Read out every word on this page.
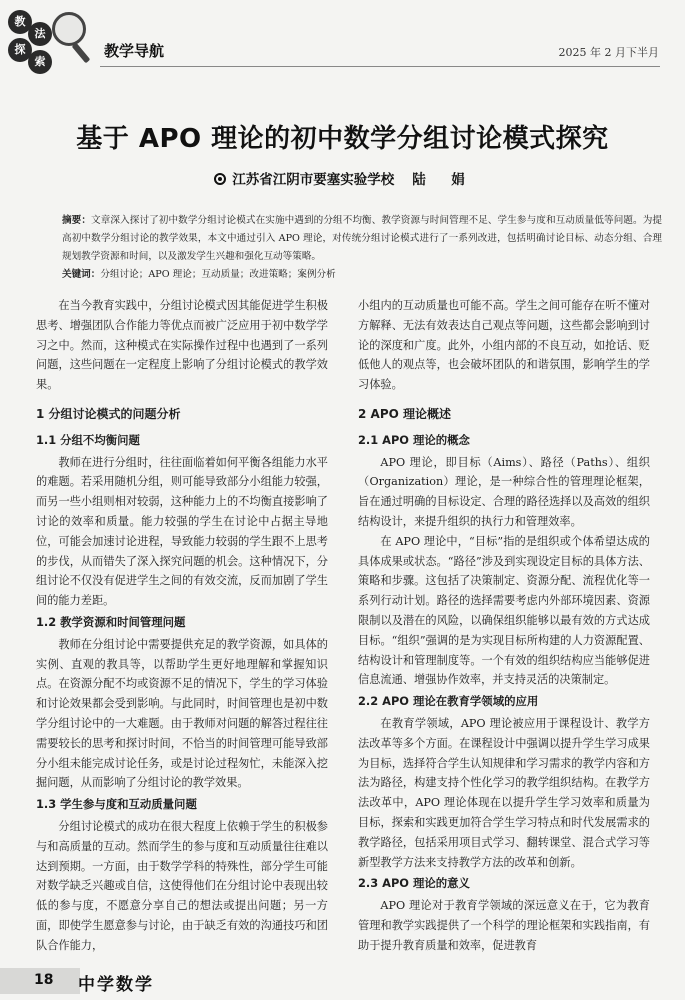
教
法
探
索
教学导航	2025 年 2 月下半月
基于 APO 理论的初中数学分组讨论模式探究
江苏省江阴市要塞实验学校 陆　娟
摘要：文章深入探讨了初中数学分组讨论模式在实施中遇到的分组不均衡、教学资源与时间管理不足、学生参与度和互动质量低等问题。为提高初中数学分组讨论的教学效果，本文中通过引入 APO 理论，对传统分组讨论模式进行了一系列改进，包括明确讨论目标、动态分组、合理规划教学资源和时间，以及激发学生兴趣和强化互动等策略。
关键词：分组讨论；APO 理论；互动质量；改进策略；案例分析

在当今教育实践中，分组讨论模式因其能促进学生积极思考、增强团队合作能力等优点而被广泛应用于初中数学学习之中。然而，这种模式在实际操作过程中也遇到了一系列问题，这些问题在一定程度上影响了分组讨论模式的教学效果。

1 分组讨论模式的问题分析

1.1 分组不均衡问题

教师在进行分组时，往往面临着如何平衡各组能力水平的难题。若采用随机分组，则可能导致部分小组能力较强，而另一些小组则相对较弱，这种能力上的不均衡直接影响了讨论的效率和质量。能力较强的学生在讨论中占据主导地位，可能会加速讨论进程，导致能力较弱的学生跟不上思考的步伐，从而错失了深入探究问题的机会。这种情况下，分组讨论不仅没有促进学生之间的有效交流，反而加剧了学生间的能力差距。

1.2 教学资源和时间管理问题

教师在分组讨论中需要提供充足的教学资源，如具体的实例、直观的教具等，以帮助学生更好地理解和掌握知识点。在资源分配不均或资源不足的情况下，学生的学习体验和讨论效果都会受到影响。与此同时，时间管理也是初中数学分组讨论中的一大难题。由于教师对问题的解答过程往往需要较长的思考和探讨时间，不恰当的时间管理可能导致部分小组未能完成讨论任务，或是讨论过程匆忙，未能深入挖掘问题，从而影响了分组讨论的教学效果。

1.3 学生参与度和互动质量问题

分组讨论模式的成功在很大程度上依赖于学生的积极参与和高质量的互动。然而学生的参与度和互动质量往往难以达到预期。一方面，由于数学学科的特殊性，部分学生可能对数学缺乏兴趣或自信，这使得他们在分组讨论中表现出较低的参与度，不愿意分享自己的想法或提出问题；另一方面，即使学生愿意参与讨论，由于缺乏有效的沟通技巧和团队合作能力，

小组内的互动质量也可能不高。学生之间可能存在听不懂对方解释、无法有效表达自己观点等问题，这些都会影响到讨论的深度和广度。此外，小组内部的不良互动，如抢话、贬低他人的观点等，也会破坏团队的和谐氛围，影响学生的学习体验。

2 APO 理论概述

2.1 APO 理论的概念

APO 理论，即目标（Aims）、路径（Paths）、组织（Organization）理论，是一种综合性的管理理论框架，旨在通过明确的目标设定、合理的路径选择以及高效的组织结构设计，来提升组织的执行力和管理效率。

在 APO 理论中，“目标”指的是组织或个体希望达成的具体成果或状态。“路径”涉及到实现设定目标的具体方法、策略和步骤。这包括了决策制定、资源分配、流程优化等一系列行动计划。路径的选择需要考虑内外部环境因素、资源限制以及潜在的风险，以确保组织能够以最有效的方式达成目标。“组织”强调的是为实现目标所构建的人力资源配置、结构设计和管理制度等。一个有效的组织结构应当能够促进信息流通、增强协作效率，并支持灵活的决策制定。

2.2 APO 理论在教育学领域的应用

在教育学领域，APO 理论被应用于课程设计、教学方法改革等多个方面。在课程设计中强调以提升学生学习成果为目标，选择符合学生认知规律和学习需求的教学内容和方法为路径，构建支持个性化学习的教学组织结构。在教学方法改革中，APO 理论体现在以提升学生学习效率和质量为目标，探索和实践更加符合学生学习特点和时代发展需求的教学路径，包括采用项目式学习、翻转课堂、混合式学习等新型教学方法来支持教学方法的改革和创新。

2.3 APO 理论的意义

APO 理论对于教育学领域的深远意义在于，它为教育管理和教学实践提供了一个科学的理论框架和实践指南，有助于提升教育质量和效率，促进教育

18 中学数学
